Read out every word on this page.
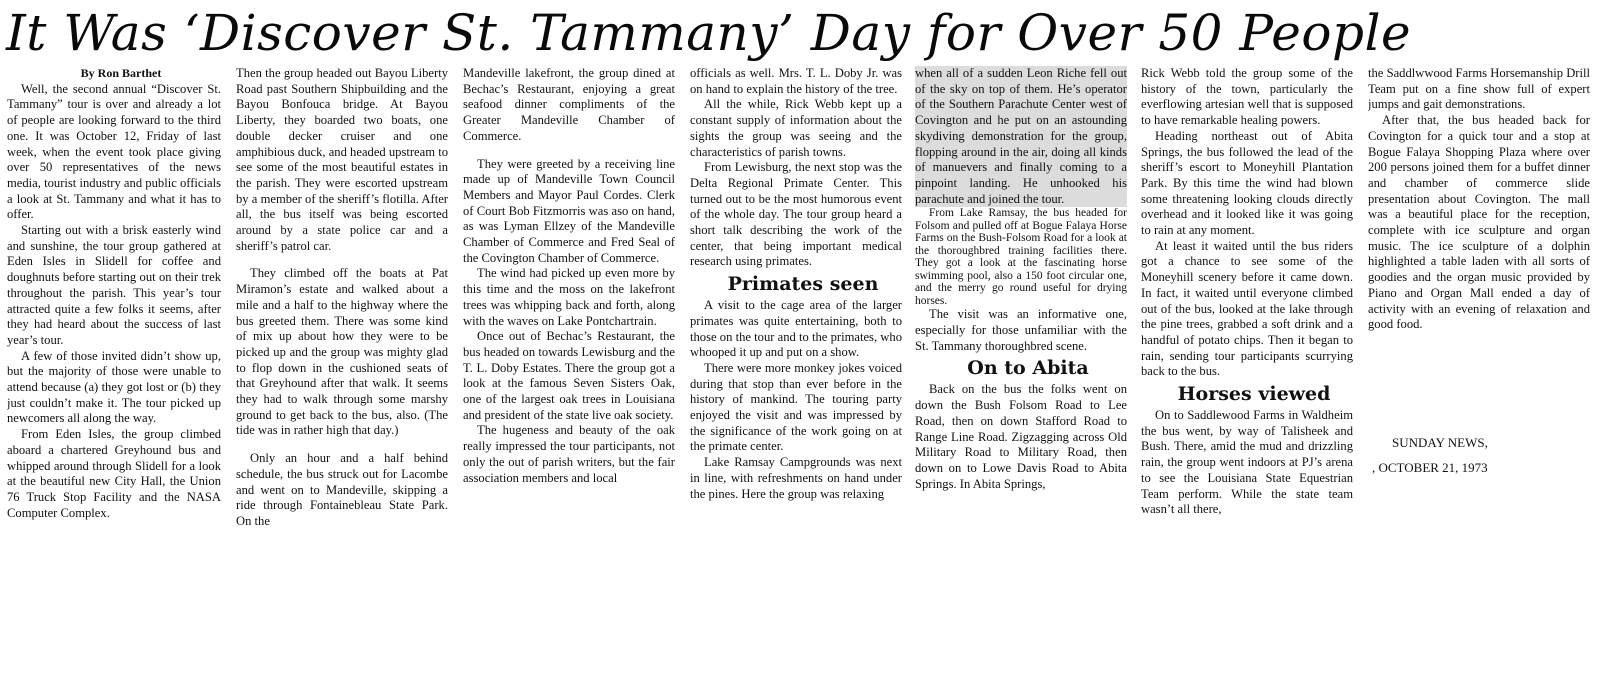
It Was ‘Discover St. Tammany’ Day for Over 50 People

By Ron Barthet

Well, the second annual “Discover St. Tammany” tour is over and already a lot of people are looking forward to the third one. It was October 12, Friday of last week, when the event took place giving over 50 representatives of the news media, tourist industry and public officials a look at St. Tammany and what it has to offer.

Starting out with a brisk easterly wind and sunshine, the tour group gathered at Eden Isles in Slidell for coffee and doughnuts before starting out on their trek throughout the parish. This year’s tour attracted quite a few folks it seems, after they had heard about the success of last year’s tour.

A few of those invited didn’t show up, but the majority of those were unable to attend because (a) they got lost or (b) they just couldn’t make it. The tour picked up newcomers all along the way.

From Eden Isles, the group climbed aboard a chartered Greyhound bus and whipped around through Slidell for a look at the beautiful new City Hall, the Union 76 Truck Stop Facility and the NASA Computer Complex.

Then the group headed out Bayou Liberty Road past Southern Shipbuilding and the Bayou Bonfouca bridge. At Bayou Liberty, they boarded two boats, one double decker cruiser and one amphibious duck, and headed upstream to see some of the most beautiful estates in the parish. They were escorted upstream by a member of the sheriff’s flotilla. After all, the bus itself was being escorted around by a state police car and a sheriff’s patrol car.

They climbed off the boats at Pat Miramon’s estate and walked about a mile and a half to the highway where the bus greeted them. There was some kind of mix up about how they were to be picked up and the group was mighty glad to flop down in the cushioned seats of that Greyhound after that walk. It seems they had to walk through some marshy ground to get back to the bus, also. (The tide was in rather high that day.)

Only an hour and a half behind schedule, the bus struck out for Lacombe and went on to Mandeville, skipping a ride through Fontainebleau State Park. On the

Mandeville lakefront, the group dined at Bechac’s Restaurant, enjoying a great seafood dinner compliments of the Greater Mandeville Chamber of Commerce.

They were greeted by a receiving line made up of Mandeville Town Council Members and Mayor Paul Cordes. Clerk of Court Bob Fitzmorris was aso on hand, as was Lyman Ellzey of the Mandeville Chamber of Commerce and Fred Seal of the Covington Chamber of Commerce.

The wind had picked up even more by this time and the moss on the lakefront trees was whipping back and forth, along with the waves on Lake Pontchartrain.

Once out of Bechac’s Restaurant, the bus headed on towards Lewisburg and the T. L. Doby Estates. There the group got a look at the famous Seven Sisters Oak, one of the largest oak trees in Louisiana and president of the state live oak society.

The hugeness and beauty of the oak really impressed the tour participants, not only the out of parish writers, but the fair association members and local

officials as well. Mrs. T. L. Doby Jr. was on hand to explain the history of the tree.

All the while, Rick Webb kept up a constant supply of information about the sights the group was seeing and the characteristics of parish towns.

From Lewisburg, the next stop was the Delta Regional Primate Center. This turned out to be the most humorous event of the whole day. The tour group heard a short talk describing the work of the center, that being important medical research using primates.

Primates seen

A visit to the cage area of the larger primates was quite entertaining, both to those on the tour and to the primates, who whooped it up and put on a show.

There were more monkey jokes voiced during that stop than ever before in the history of mankind. The touring party enjoyed the visit and was impressed by the significance of the work going on at the primate center.

Lake Ramsay Campgrounds was next in line, with refreshments on hand under the pines. Here the group was relaxing

when all of a sudden Leon Riche fell out of the sky on top of them. He’s operator of the Southern Parachute Center west of Covington and he put on an astounding skydiving demonstration for the group, flopping around in the air, doing all kinds of manuevers and finally coming to a pinpoint landing. He unhooked his parachute and joined the tour.

From Lake Ramsay, the bus headed for Folsom and pulled off at Bogue Falaya Horse Farms on the Bush-Folsom Road for a look at the thoroughbred training facilities there. They got a look at the fascinating horse swimming pool, also a 150 foot circular one, and the merry go round useful for drying horses.

The visit was an informative one, especially for those unfamiliar with the St. Tammany thoroughbred scene.

On to Abita

Back on the bus the folks went on down the Bush Folsom Road to Lee Road, then on down Stafford Road to Range Line Road. Zigzagging across Old Military Road to Military Road, then down on to Lowe Davis Road to Abita Springs. In Abita Springs,

Rick Webb told the group some of the history of the town, particularly the everflowing artesian well that is supposed to have remarkable healing powers.

Heading northeast out of Abita Springs, the bus followed the lead of the sheriff’s escort to Moneyhill Plantation Park. By this time the wind had blown some threatening looking clouds directly overhead and it looked like it was going to rain at any moment.

At least it waited until the bus riders got a chance to see some of the Moneyhill scenery before it came down. In fact, it waited until everyone climbed out of the bus, looked at the lake through the pine trees, grabbed a soft drink and a handful of potato chips. Then it began to rain, sending tour participants scurrying back to the bus.

Horses viewed

On to Saddlewood Farms in Waldheim the bus went, by way of Talisheek and Bush. There, amid the mud and drizzling rain, the group went indoors at PJ’s arena to see the Louisiana State Equestrian Team perform. While the state team wasn’t all there,

the Saddlwwood Farms Horsemanship Drill Team put on a fine show full of expert jumps and gait demonstrations.

After that, the bus headed back for Covington for a quick tour and a stop at Bogue Falaya Shopping Plaza where over 200 persons joined them for a buffet dinner and chamber of commerce slide presentation about Covington. The mall was a beautiful place for the reception, complete with ice sculpture and organ music. The ice sculpture of a dolphin highlighted a table laden with all sorts of goodies and the organ music provided by Piano and Organ Mall ended a day of activity with an evening of relaxation and good food.

SUNDAY NEWS,
, OCTOBER 21, 1973
